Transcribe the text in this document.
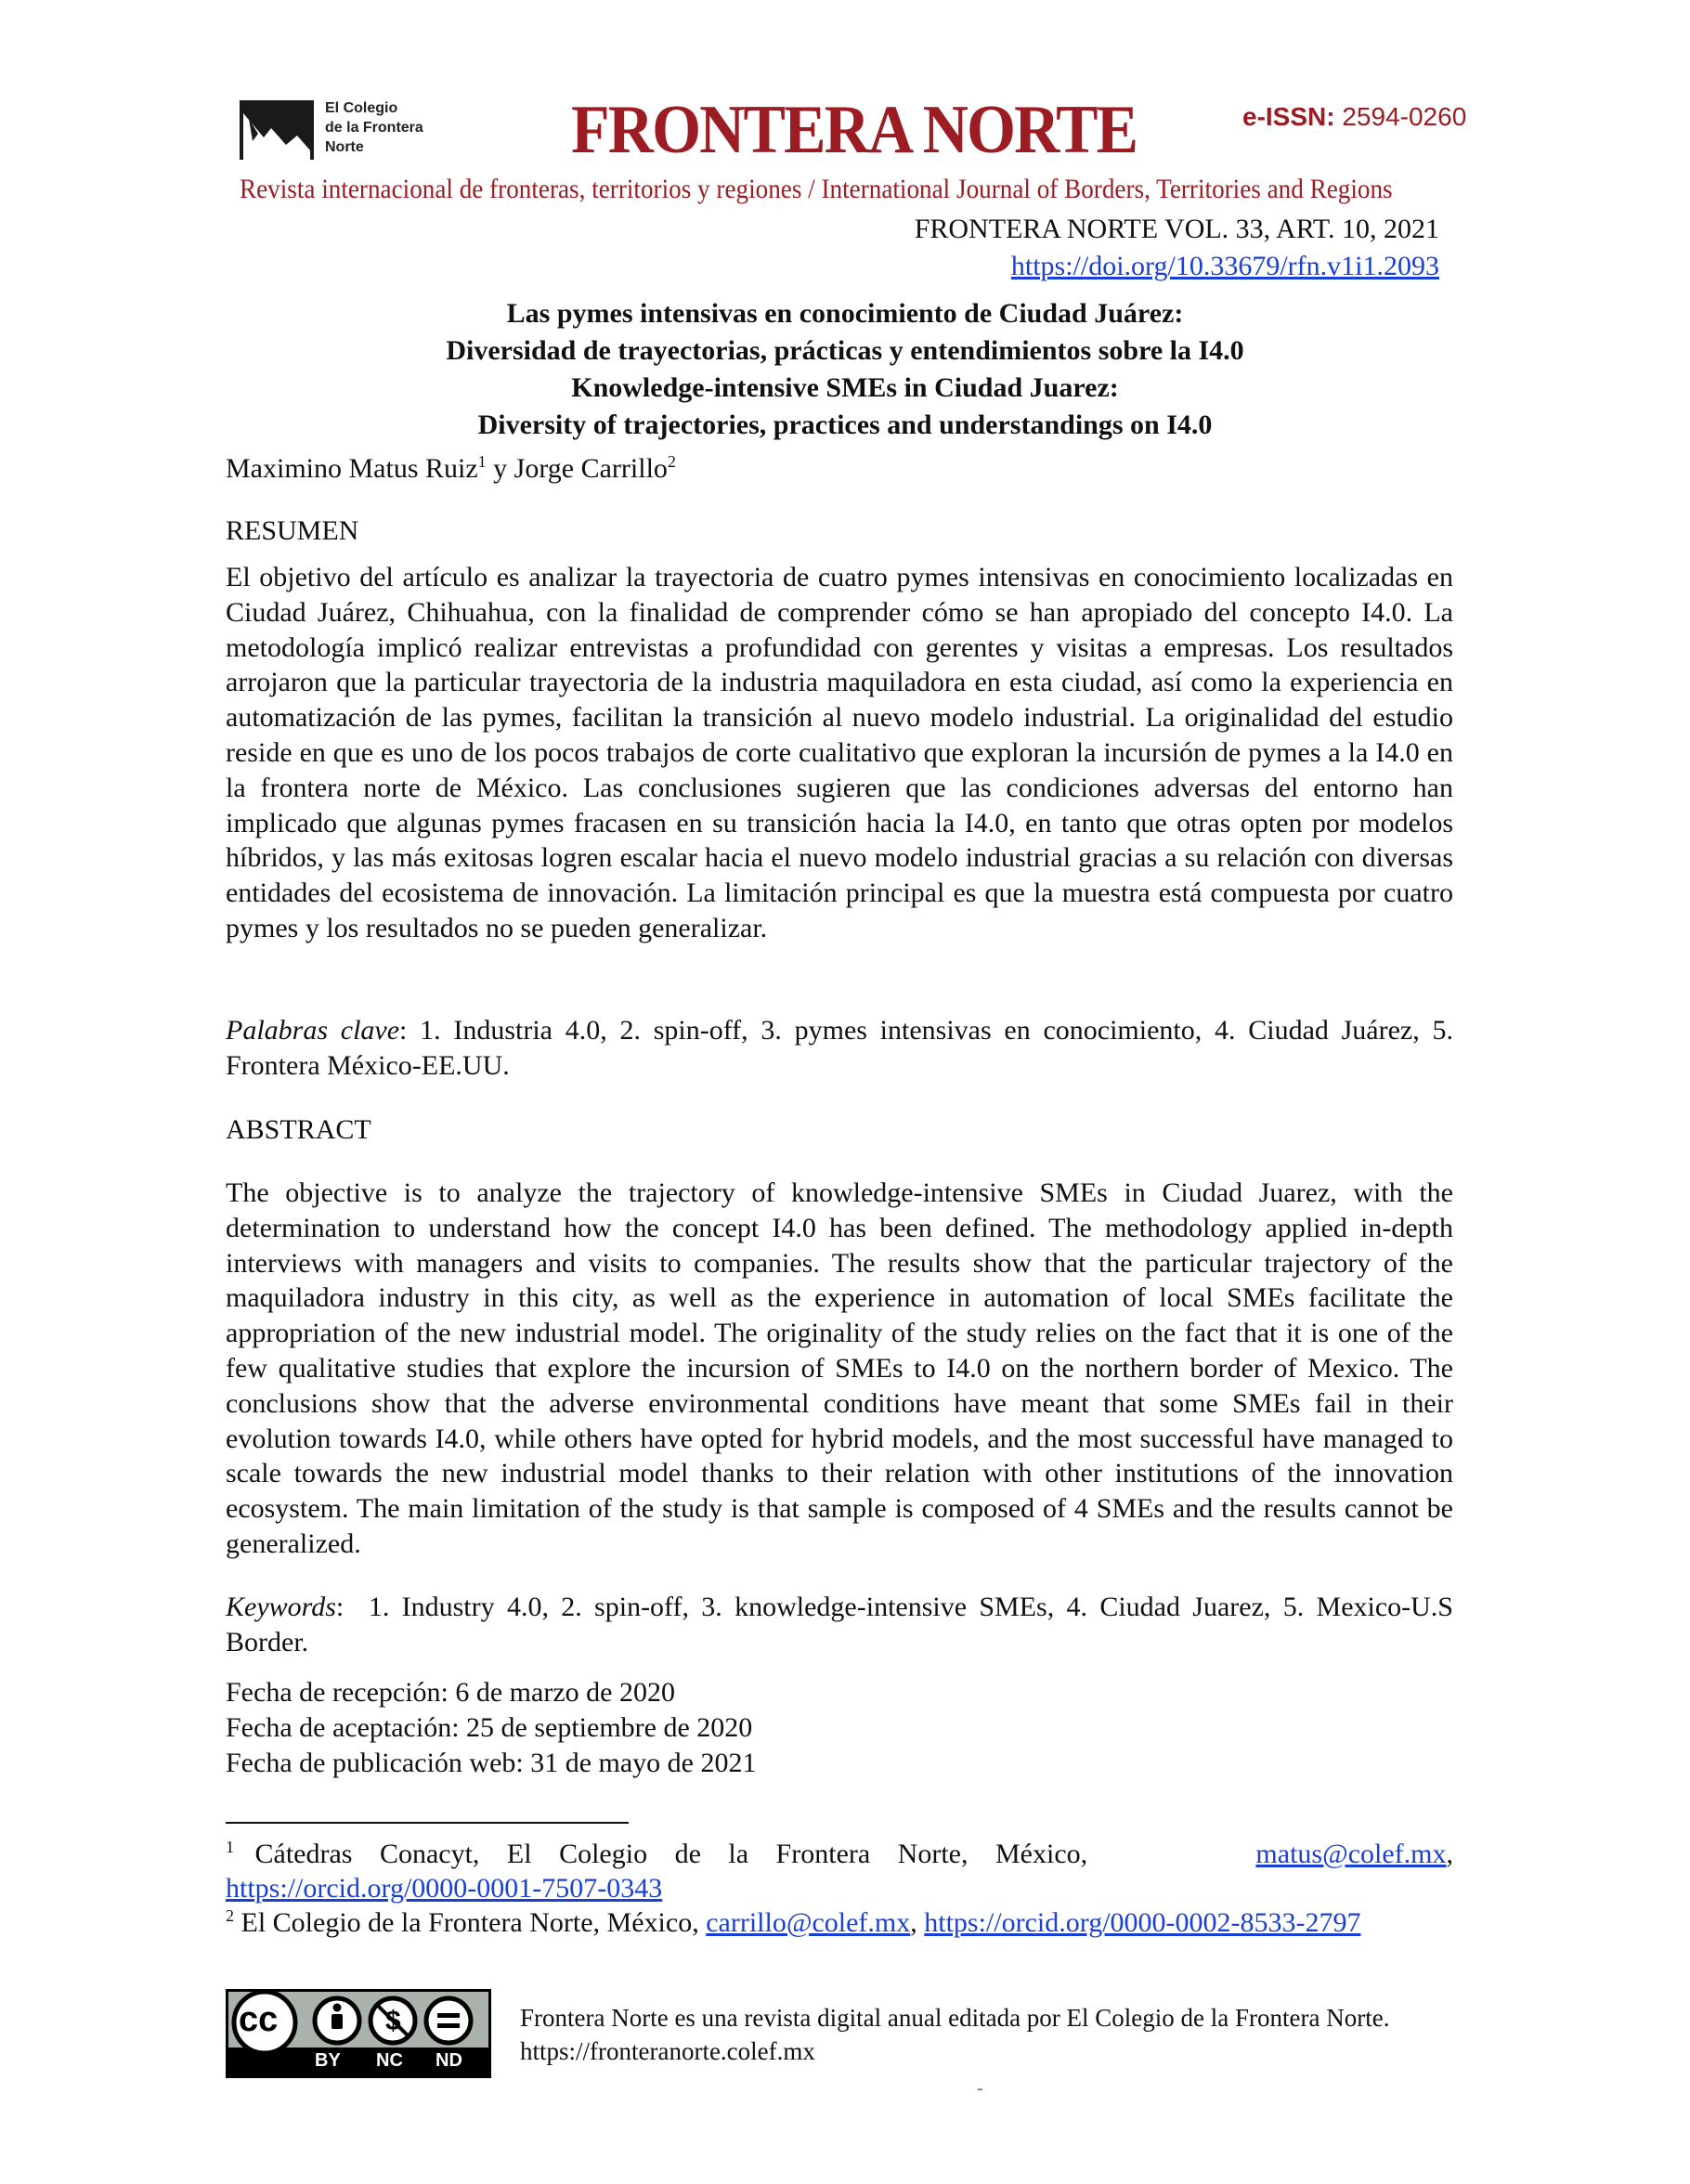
El Colegio
de la Frontera
Norte	FRONTERA NORTE	e-ISSN: 2594-0260
Revista internacional de fronteras, territorios y regiones / International Journal of Borders, Territories and Regions
FRONTERA NORTE VOL. 33, ART. 10, 2021
https://doi.org/10.33679/rfn.v1i1.2093
Las pymes intensivas en conocimiento de Ciudad Juárez:
Diversidad de trayectorias, prácticas y entendimientos sobre la I4.0
Knowledge-intensive SMEs in Ciudad Juarez:
Diversity of trajectories, practices and understandings on I4.0
Maximino Matus Ruiz$^1$ y Jorge Carrillo$^2$
RESUMEN
El objetivo del artículo es analizar la trayectoria de cuatro pymes intensivas en conocimiento localizadas en Ciudad Juárez, Chihuahua, con la finalidad de comprender cómo se han apropiado del concepto I4.0. La metodología implicó realizar entrevistas a profundidad con gerentes y visitas a empresas. Los resultados arrojaron que la particular trayectoria de la industria maquiladora en esta ciudad, así como la experiencia en automatización de las pymes, facilitan la transición al nuevo modelo industrial. La originalidad del estudio reside en que es uno de los pocos trabajos de corte cualitativo que exploran la incursión de pymes a la I4.0 en la frontera norte de México. Las conclusiones sugieren que las condiciones adversas del entorno han implicado que algunas pymes fracasen en su transición hacia la I4.0, en tanto que otras opten por modelos híbridos, y las más exitosas logren escalar hacia el nuevo modelo industrial gracias a su relación con diversas entidades del ecosistema de innovación. La limitación principal es que la muestra está compuesta por cuatro pymes y los resultados no se pueden generalizar.
Palabras clave: 1. Industria 4.0, 2. spin-off, 3. pymes intensivas en conocimiento, 4. Ciudad Juárez, 5. Frontera México-EE.UU.
ABSTRACT
The objective is to analyze the trajectory of knowledge-intensive SMEs in Ciudad Juarez, with the determination to understand how the concept I4.0 has been defined. The methodology applied in-depth interviews with managers and visits to companies. The results show that the particular trajectory of the maquiladora industry in this city, as well as the experience in automation of local SMEs facilitate the appropriation of the new industrial model. The originality of the study relies on the fact that it is one of the few qualitative studies that explore the incursion of SMEs to I4.0 on the northern border of Mexico. The conclusions show that the adverse environmental conditions have meant that some SMEs fail in their evolution towards I4.0, while others have opted for hybrid models, and the most successful have managed to scale towards the new industrial model thanks to their relation with other institutions of the innovation ecosystem. The main limitation of the study is that sample is composed of 4 SMEs and the results cannot be generalized.
Keywords:  1. Industry 4.0, 2. spin-off, 3. knowledge-intensive SMEs, 4. Ciudad Juarez, 5. Mexico-U.S Border.
Fecha de recepción: 6 de marzo de 2020
Fecha de aceptación: 25 de septiembre de 2020
Fecha de publicación web: 31 de mayo de 2021
$^1$ Cátedras Conacyt, El Colegio de la Frontera Norte, México,	matus@colef.mx,
https://orcid.org/0000-0001-7507-0343
$^2$ El Colegio de la Frontera Norte, México, carrillo@colef.mx, https://orcid.org/0000-0002-8533-2797
cc	$
BY NC ND
Frontera Norte es una revista digital anual editada por El Colegio de la Frontera Norte.
https://fronteranorte.colef.mx
-
